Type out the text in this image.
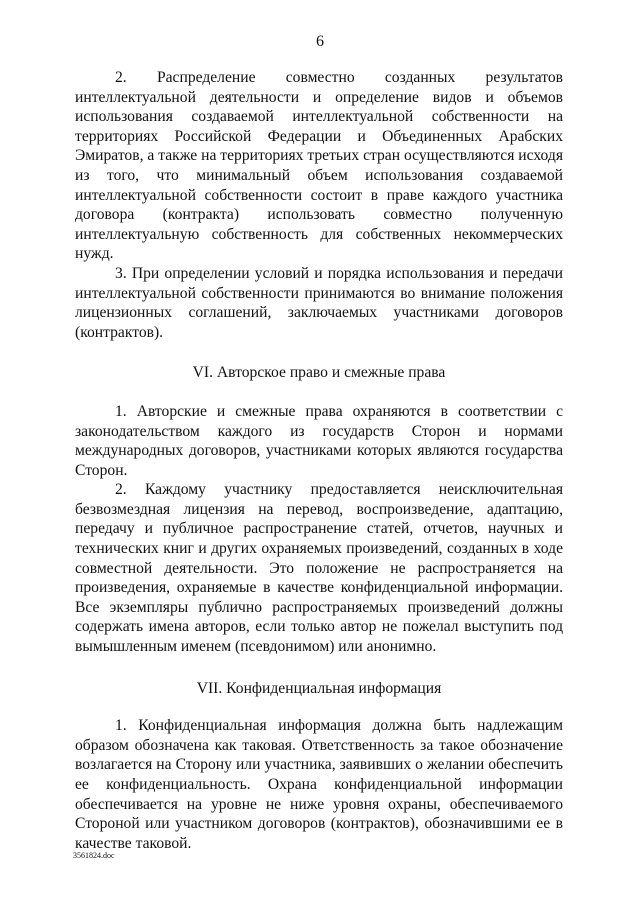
6

2. Распределение совместно созданных результатов интеллектуальной деятельности и определение видов и объемов использования создаваемой интеллектуальной собственности на территориях Российской Федерации и Объединенных Арабских Эмиратов, а также на территориях третьих стран осуществляются исходя из того, что минимальный объем использования создаваемой интеллектуальной собственности состоит в праве каждого участника договора (контракта) использовать совместно полученную интеллектуальную собственность для собственных некоммерческих нужд.

3. При определении условий и порядка использования и передачи интеллектуальной собственности принимаются во внимание положения лицензионных соглашений, заключаемых участниками договоров (контрактов).

VI. Авторское право и смежные права

1. Авторские и смежные права охраняются в соответствии с законодательством каждого из государств Сторон и нормами международных договоров, участниками которых являются государства Сторон.

2. Каждому участнику предоставляется неисключительная безвозмездная лицензия на перевод, воспроизведение, адаптацию, передачу и публичное распространение статей, отчетов, научных и технических книг и других охраняемых произведений, созданных в ходе совместной деятельности. Это положение не распространяется на произведения, охраняемые в качестве конфиденциальной информации. Все экземпляры публично распространяемых произведений должны содержать имена авторов, если только автор не пожелал выступить под вымышленным именем (псевдонимом) или анонимно.

VII. Конфиденциальная информация

1. Конфиденциальная информация должна быть надлежащим образом обозначена как таковая. Ответственность за такое обозначение возлагается на Сторону или участника, заявивших о желании обеспечить ее конфиденциальность. Охрана конфиденциальной информации обеспечивается на уровне не ниже уровня охраны, обеспечиваемого Стороной или участником договоров (контрактов), обозначившими ее в качестве таковой.

3561824.doc
